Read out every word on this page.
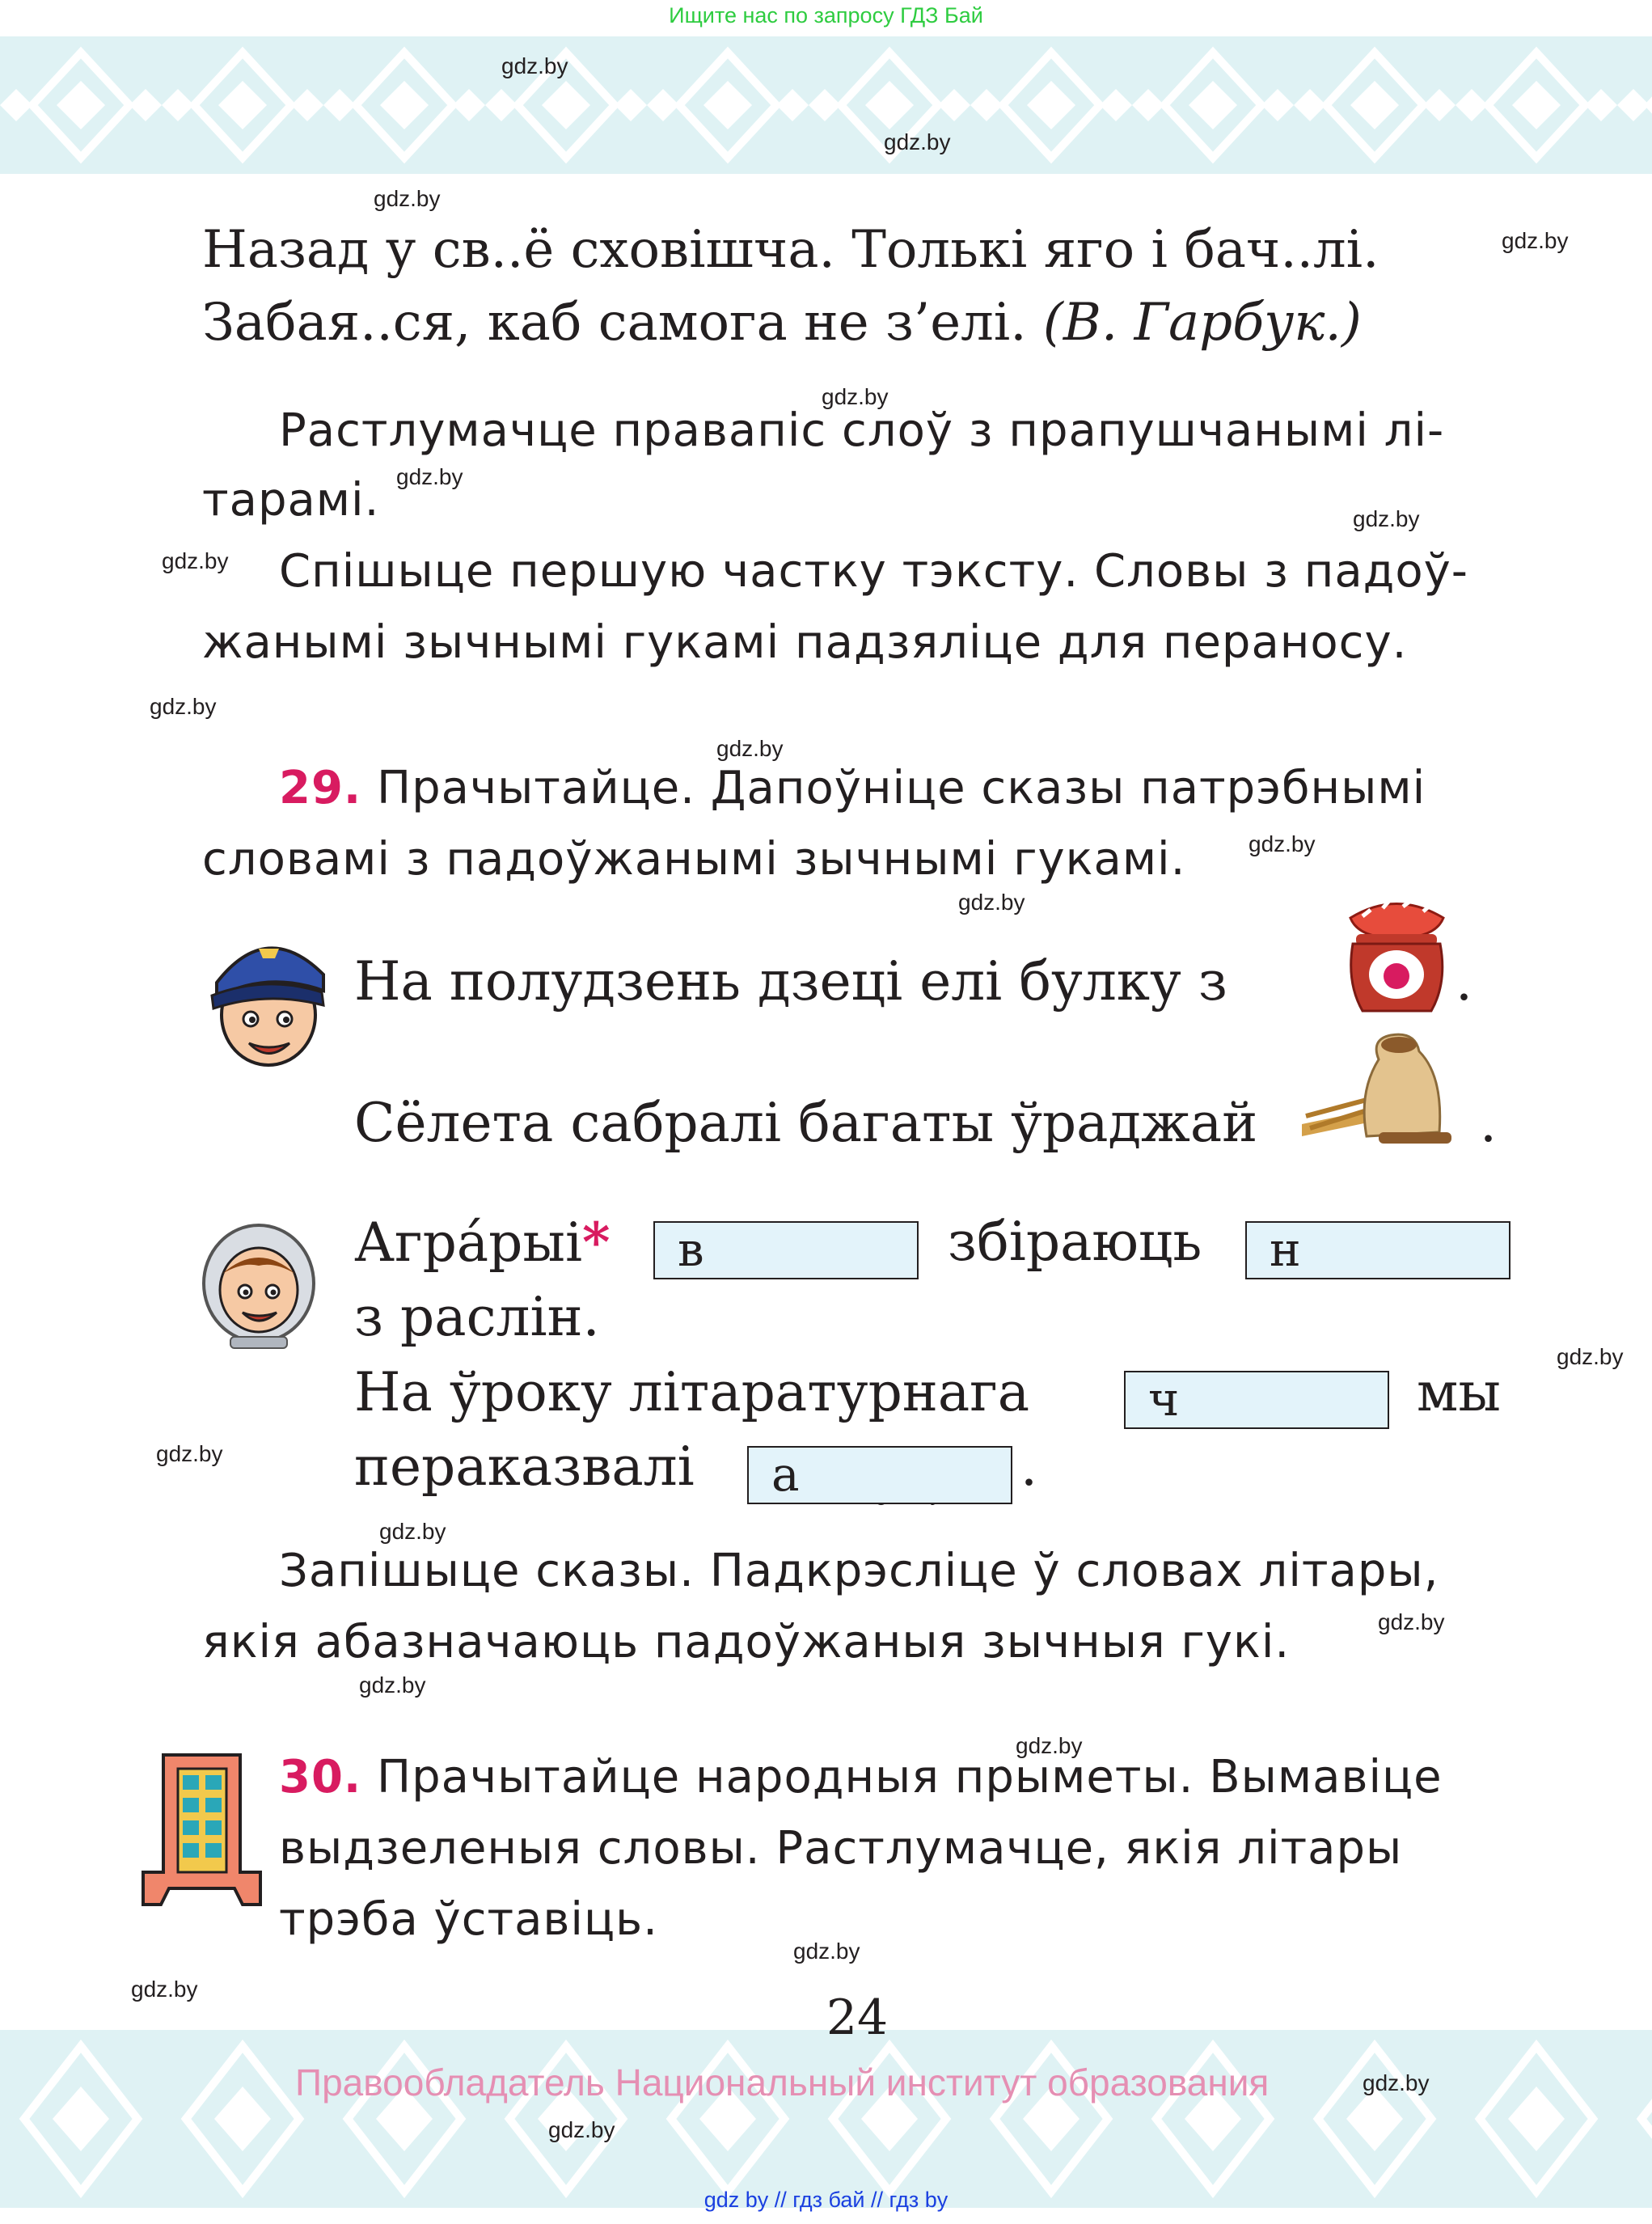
Ищите нас по запросу ГДЗ Бай
gdz.by
gdz.by
gdz.by
gdz.by
gdz.by
gdz.by
gdz.by
gdz.by
gdz.by
gdz.by
gdz.by
gdz.by
gdz.by
gdz.by
gdz.by
gdz.by
gdz.by
gdz.by
gdz.by
gdz.by
gdz.by
gdz.by
Назад у св..ё сховішча. Толькі яго і бач..лі.
Забая..ся, каб самога не з’елі. (В. Гарбук.)
Растлумачце правапіс слоў з прапушчанымі лі-
тарамі.
Спішыце першую частку тэксту. Словы з падоў-
жанымі зычнымі гукамі падзяліце для пераносу.
29. Прачытайце. Дапоўніце сказы патрэбнымі
словамі з падоўжанымі зычнымі гукамі.
На полудзень дзеці елі булку з	.
Сёлета сабралі багаты ўраджай	.
Агра́рыі*	в	збіраюць	н
з раслін.
На ўроку літаратурнага	ч	мы
пераказвалі	а	.
Запішыце сказы. Падкрэсліце ў словах літары,
якія абазначаюць падоўжаныя зычныя гукі.
30. Прачытайце народныя прыметы. Вымавіце
выдзеленыя словы. Растлумачце, якія літары
трэба ўставіць.
24
Правообладатель Национальный институт образования
gdz by // гдз бай // гдз by
